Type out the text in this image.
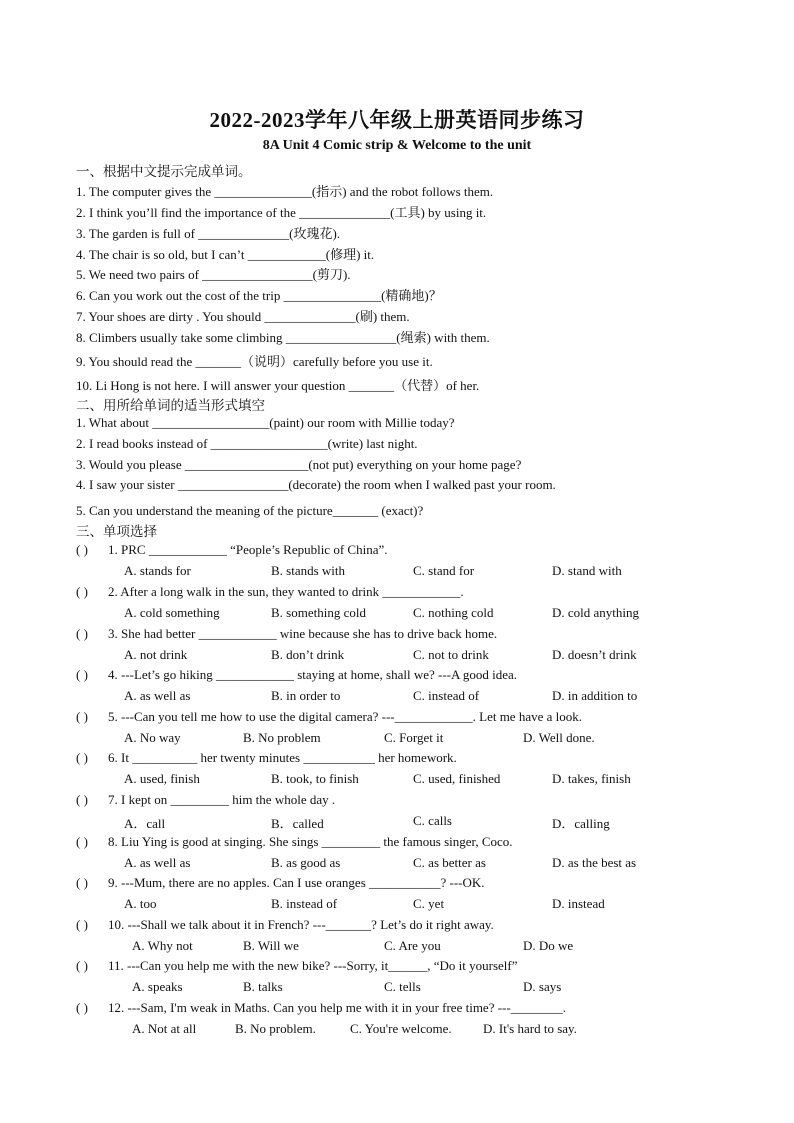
2022-2023学年八年级上册英语同步练习
8A Unit 4 Comic strip & Welcome to the unit
一、根据中文提示完成单词。
1. The computer gives the _______________(指示) and the robot follows them.
2. I think you’ll find the importance of the ______________(工具) by using it.
3. The garden is full of ______________(玫瑰花).
4. The chair is so old, but I can’t ____________(修理) it.
5. We need two pairs of _________________(剪刀).
6. Can you work out the cost of the trip _______________(精确地)？
7. Your shoes are dirty . You should ______________(刷) them.
8. Climbers usually take some climbing _________________(绳索) with them.
9. You should read the _______（说明）carefully before you use it.
10. Li Hong is not here. I will answer your question _______（代替）of her.
二、用所给单词的适当形式填空
1. What about __________________(paint) our room with Millie today?
2. I read books instead of __________________(write) last night.
3. Would you please ___________________(not put) everything on your home page?
4. I saw your sister _________________(decorate) the room when I walked past your room.
5. Can you understand the meaning of the picture_______ (exact)?
三、单项选择
( ) 1. PRC ____________ “People’s Republic of China”.
A. stands for	B. stands with	C. stand for	D. stand with
( ) 2. After a long walk in the sun, they wanted to drink ____________.
A. cold something	B. something cold	C. nothing cold	D. cold anything
( ) 3. She had better ____________ wine because she has to drive back home.
A. not drink	B. don’t drink	C. not to drink	D. doesn’t drink
( ) 4. ---Let’s go hiking ____________ staying at home, shall we? ---A good idea.
A. as well as	B. in order to	C. instead of	D. in addition to
( ) 5. ---Can you tell me how to use the digital camera? ---____________. Let me have a look.
A. No way	B. No problem	C. Forget it	D. Well done.
( ) 6. It __________ her twenty minutes ___________ her homework.
A. used, finish	B. took, to finish	C. used, finished	D. takes, finish
( ) 7. I kept on _________ him the whole day .
A．call	B．called	C. calls	D．calling
( ) 8. Liu Ying is good at singing. She sings _________ the famous singer, Coco.
A. as well as	B. as good as	C. as better as	D. as the best as
( ) 9. ---Mum, there are no apples. Can I use oranges ___________? ---OK.
A. too	B. instead of	C. yet	D. instead
( ) 10. ---Shall we talk about it in French? ---_______? Let’s do it right away.
A. Why not	B. Will we	C. Are you	D. Do we
( ) 11. ---Can you help me with the new bike? ---Sorry, it______, “Do it yourself”
A. speaks	B. talks	C. tells	D. says
( ) 12. ---Sam, I'm weak in Maths. Can you help me with it in your free time? ---________.
A. Not at all	B. No problem.	C. You're welcome. D. It's hard to say.
